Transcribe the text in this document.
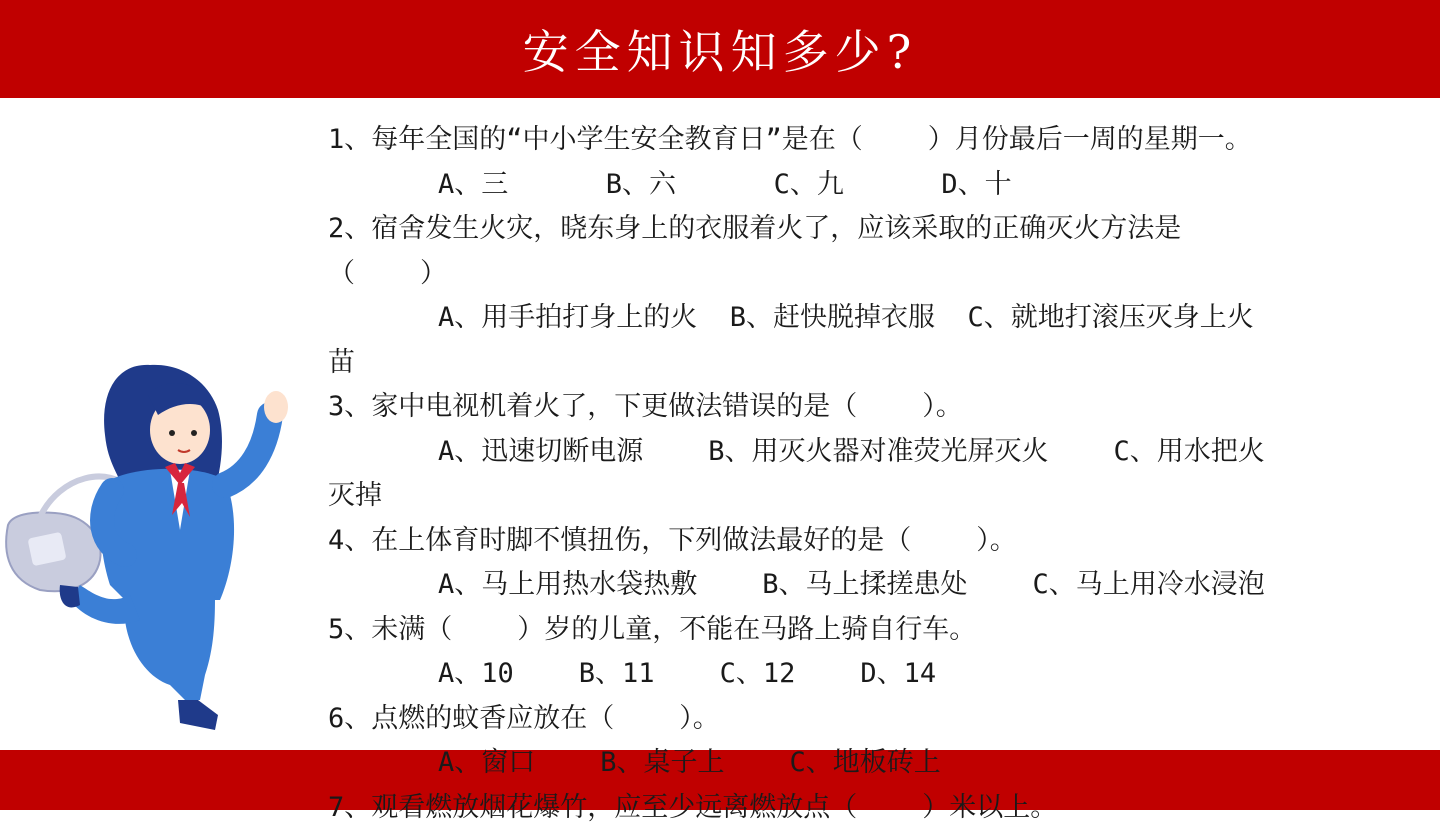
安全知识知多少?
1、每年全国的“中小学生安全教育日”是在（    ）月份最后一周的星期一。
A、三      B、六      C、九      D、十
2、宿舍发生火灾，晓东身上的衣服着火了，应该采取的正确灭火方法是
（    ）
A、用手拍打身上的火  B、赶快脱掉衣服  C、就地打滚压灭身上火
苗
3、家中电视机着火了，下更做法错误的是（    ）。
A、迅速切断电源    B、用灭火器对准荧光屏灭火    C、用水把火
灭掉
4、在上体育时脚不慎扭伤，下列做法最好的是（    ）。
A、马上用热水袋热敷    B、马上揉搓患处    C、马上用冷水浸泡
5、未满（    ）岁的儿童，不能在马路上骑自行车。
A、10    B、11    C、12    D、14
6、点燃的蚊香应放在（    ）。
A、窗口    B、桌子上    C、地板砖上
7、观看燃放烟花爆竹，应至少远离燃放点（    ）米以上。
